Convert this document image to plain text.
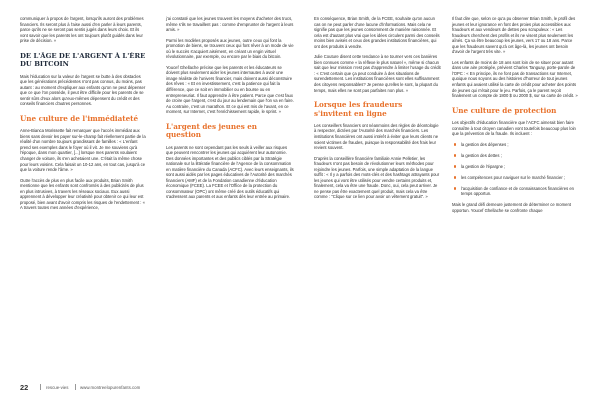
communiquer à propos de l'argent, lorsqu'ils auront des problèmes financiers. Ils seront plus à l'aise aussi d'en parler à leurs parents, parce qu'ils ne se seront pas sentis jugés dans leurs choix. Et ils vont savoir que les parents les ont toujours plutôt guidés dans leur prise de décision. »

DE L'ÂGE DE L'ARGENT À L'ÈRE DU BITCOIN

Mais l'éducation sur la valeur de l'argent se butte à des obstacles que les générations précédentes n'ont pas connus, du moins, pas autant : au moment d'expliquer aux enfants qu'on ne peut dépenser que ce que l'on possède, il peut être difficile pour les parents de se sentir sûrs d'eux alors qu'eux-mêmes dépensent du crédit et des conseils financiers d'autres personnes.

Une culture de l'immédiateté

Anne-Bianca Morissette fait remarquer que l'accès immédiat aux biens sans devoir les payer sur-le-champ fait réellement partie de la réalité d'un nombre toujours grandissant de familles : « L'enfant prend ses exemples dans le foyer où il vit. Je me souviens qu'à l'époque, dans mon quartier, [...] lorsque mes parents voulaient changer de voiture, ils s'en achetaient une. C'était la même chose pour leurs voisins. Cela faisait un 10-12 ans, en tout cas, jusqu'à ce que la voiture rende l'âme. »

Outre l'accès de plus en plus facile aux produits, Brian Smith mentionne que les enfants sont confrontés à des publicités de plus en plus intrusives, à travers les réseaux sociaux. Eux aussi apprennent à développer leur créativité pour obtenir ce qui leur est proposé, bien avant d'avoir compris les risques de l'endettement : « A travers toutes mes années d'expérience,

j'ai constaté que les jeunes trouvent les moyens d'acheter des trucs, même s'ils ne travaillent pas : comme d'emprunter de l'argent à leurs amis. »

Parmi les modèles proposés aux jeunes, outre ceux qui font la promotion de biens, se trouvent ceux qui font rêver à un mode de vie où le succès s'acquiert aisément, en créant un engin virtuel révolutionnaire, par exemple, ou encore par le biais du bitcoin.

Youcef Ghellache précise que les parents et les éducateurs se doivent plus seulement aider les jeunes internautes à avoir une image réaliste de l'univers financier, mais doivent aussi déconstruire des rêves : « Et en investissement, c'est la patience qui fait la différence, que ce soit en immobilier ou en bourse ou en entrepreneuriat. Il faut apprendre à être patient. Parce que c'est faux de croire que l'argent, c'est du jour au lendemain que l'on va en faire. Au contraire, c'est un marathon. Et ce qui est mis de l'avant, en ce moment, sur Internet, c'est l'enrichissement rapide, le sprint. »

L'argent des jeunes en question

Les parents ne sont cependant pas les seuls à veiller aux risques que peuvent rencontrer les jeunes qui acquièrent leur autonomie. Des données importantes et des publics ciblés par la Stratégie nationale sur la littératie financière de l'Agence de la consommation en matière financière du Canada (ACFC). Avec leurs enseignants, ils sont aussi aidés par les pages éducatives de l'Autorité des marchés financiers (AMF) et de la Fondation canadienne d'éducation économique (FCEE). La FCEE et l'Office de la protection du consommateur (OPC) ont même créé des outils éducatifs qui s'adressent aux parents et aux enfants dès leur entrée au primaire.

En conséquence, Brian Smith, de la FCEE, souhaite qu'on aucun cas on ne peut parler d'une lacune d'informations. Mais cela ne signifie pas que les jeunes consomment de manière raisonnée. Et cela est d'autant plus vrai que les idées circulent parmi des conseils moins bien avisés et ceux des grandes institutions financières, qui ont des produits à vendre.

Julie Couture disent cette tendance à se tourner vers ces banières bien connues comme « la réflexe le plus naturel », même si chacun sait que leur mission n'est pas d'apprendre à limiter l'usage du crédit : « C'est certain que ça peut conduire à des situations de surendettement. Les institutions financières sont elles suffisamment des citoyens responsables? Je pense qu'elles le sont, la plupart du temps, mais elles ne sont pas parfaites non plus. »

Lorsque les fraudeurs s'invitent en ligne

Les conseillers financiers ont néanmoins des règles de déontologie à respecter, dictées par l'Autorité des marchés financiers. Les institutions financières ont aussi intérêt à éviter que leurs clients ne soient victimes de fraudes, puisque la responsabilité des frais leur revient souvent.

D'après la conseillère financière familiale Annie Pelletier, les fraudeurs n'ont pas besoin de révolutionner leurs méthodes pour rejoindre les jeunes. Parfois, une simple adaptation de la langue suffit : « Il y a parfois des mots-clés et des hashtags attrayants pour les jeunes qui vont être utilisés pour vendre certains produits et, finalement, cela va être une fraude. Donc, oui, cela peut arriver. Je ne pense pas être exactement quel produit, mais cela va être comme : "Clique sur ce lien pour avoir un vêtement gratuit". »

Il faut dire que, selon ce qu'a pu observer Brian Smith, le profil des jeunes et leur ignorance en font des proies plus accessibles aux fraudeurs et aux vendeurs de dettes peu scrupuleux : « Les fraudeurs cherchent des profils et ils ne visent plus seulement les aînés. Ça va être beaucoup les jeunes, vers 17 ou 18 ans. Parce que les fraudeurs savent qu'à cet âge-là, les jeunes ont besoin d'avoir de l'argent très vite. »

Les enfants de moins de 18 ans sont loin de se situer pour autant dans une aire protégée, prévient Charles Tanguay, porte-parole de l'OPC : « En principe, ils ne font pas de transactions sur Internet, quoique nous soyons au des histoires d'horreur de tout jeunes enfants qui avaient utilisé la carte de crédit pour acheter des points de jeunes qui n'était pour le jeu. Parfois, ça le parent reçoit finalement un compte de 1800 $ ou 2000 $, sur sa carte de crédit. »

Une culture de protection

Les objectifs d'éducation financière que l'ACFC aimerait bien faire connaître à tout citoyen canadien vont toutefois beaucoup plus loin que la prévention de la fraude. Ils incluent :

la gestion des dépenses ;
la gestion des dettes ;
la gestion de l'épargne ;
les compétences pour naviguer sur le marché financier ;
l'acquisition de confiance et de connaissances financières en temps opportun.

Mais le grand défi demeure justement de déterminer ce moment opportun. Youcef Ghellache se confronte chaque

22	rescue-vies	www.montreelopurenfants.com
